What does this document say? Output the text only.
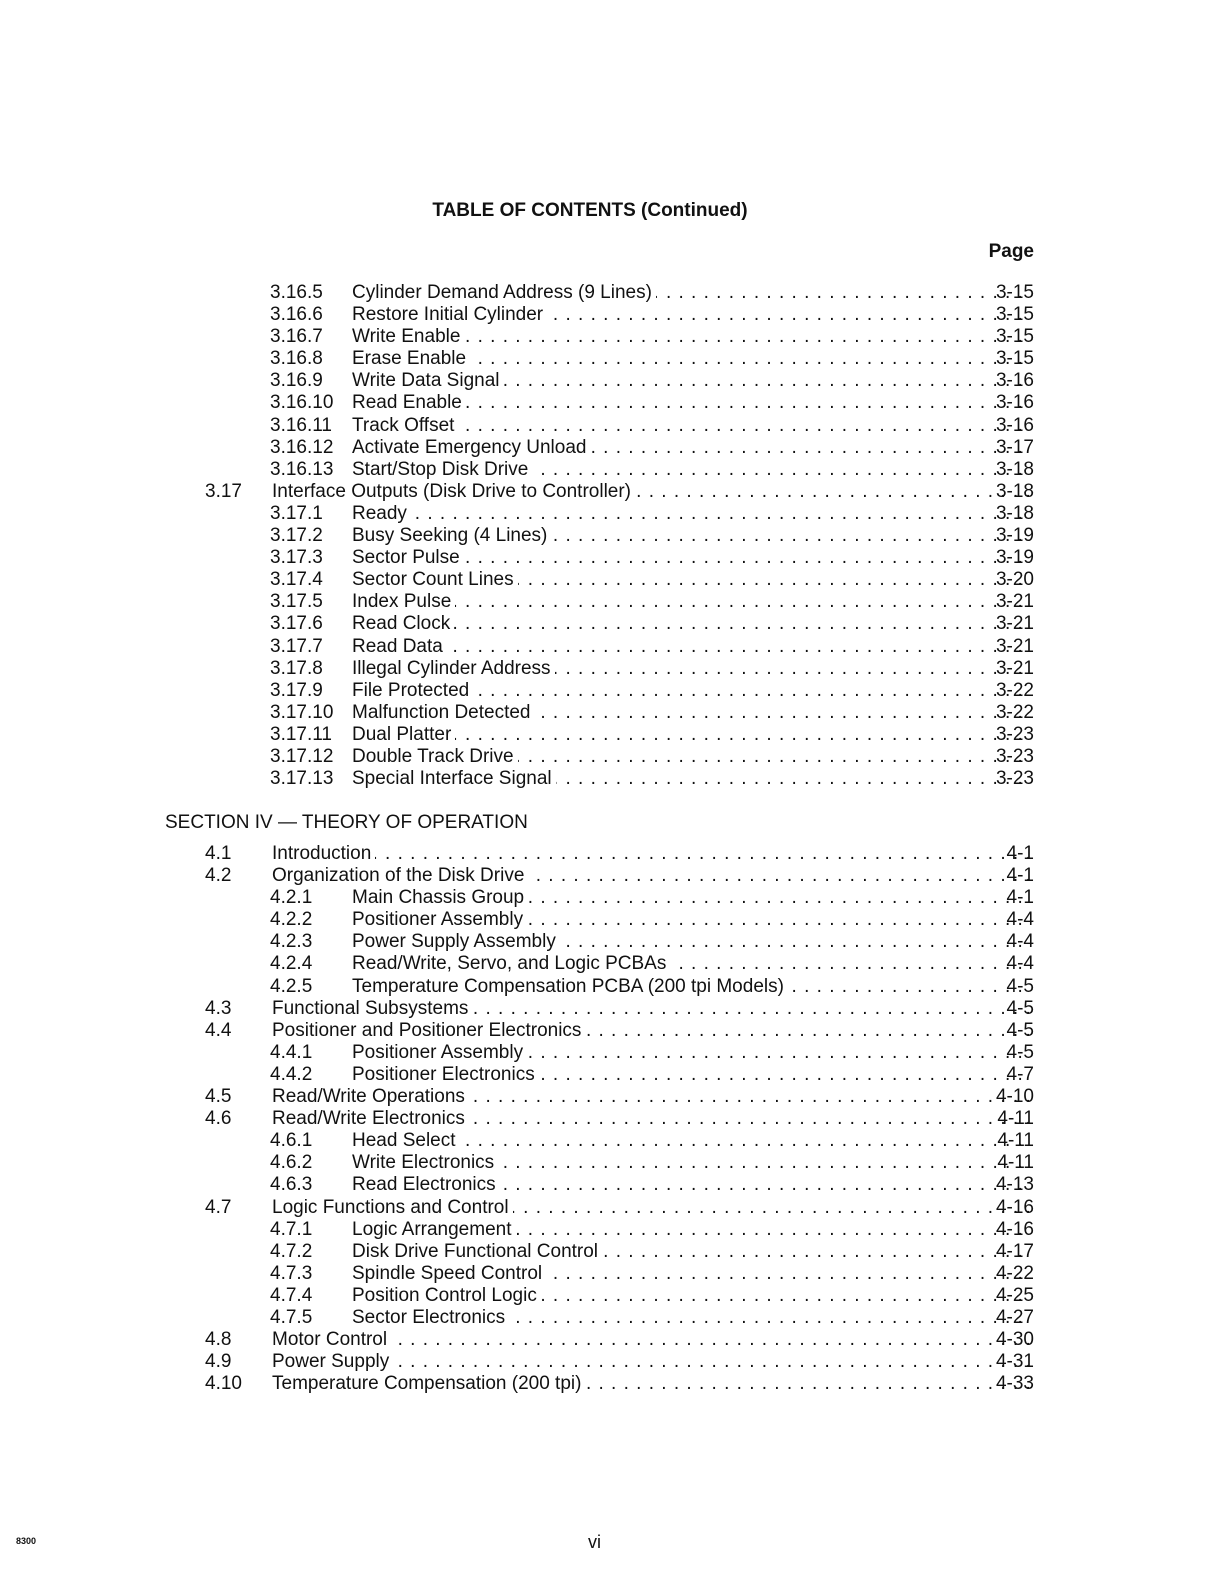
TABLE OF CONTENTS (Continued)
Page
3.16.5 Cylinder Demand Address (9 Lines) . . .	3-15
3.16.6 Restore Initial Cylinder . . .	3-15
3.16.7 Write Enable . . .	3-15
3.16.8 Erase Enable . . .	3-15
3.16.9 Write Data Signal . . .	3-16
3.16.10 Read Enable . . .	3-16
3.16.11 Track Offset . . .	3-16
3.16.12 Activate Emergency Unload . . .	3-17
3.16.13 Start/Stop Disk Drive . . .	3-18
3.17 Interface Outputs (Disk Drive to Controller) . . .	3-18
3.17.1 Ready . . .	3-18
3.17.2 Busy Seeking (4 Lines) . . .	3-19
3.17.3 Sector Pulse . . .	3-19
3.17.4 Sector Count Lines . . .	3-20
3.17.5 Index Pulse . . .	3-21
3.17.6 Read Clock . . .	3-21
3.17.7 Read Data . . .	3-21
3.17.8 Illegal Cylinder Address . . .	3-21
3.17.9 File Protected . . .	3-22
3.17.10 Malfunction Detected . . .	3-22
3.17.11 Dual Platter . . .	3-23
3.17.12 Double Track Drive . . .	3-23
3.17.13 Special Interface Signal . . .	3-23
SECTION IV — THEORY OF OPERATION
4.1 Introduction . . .	4-1
4.2 Organization of the Disk Drive . . .	4-1
4.2.1 Main Chassis Group . . .	4-1
4.2.2 Positioner Assembly . . .	4-4
4.2.3 Power Supply Assembly . . .	4-4
4.2.4 Read/Write, Servo, and Logic PCBAs . . .	4-4
4.2.5 Temperature Compensation PCBA (200 tpi Models) . . .	4-5
4.3 Functional Subsystems . . .	4-5
4.4 Positioner and Positioner Electronics . . .	4-5
4.4.1 Positioner Assembly . . .	4-5
4.4.2 Positioner Electronics . . .	4-7
4.5 Read/Write Operations . . .	4-10
4.6 Read/Write Electronics . . .	4-11
4.6.1 Head Select . . .	4-11
4.6.2 Write Electronics . . .	4-11
4.6.3 Read Electronics . . .	4-13
4.7 Logic Functions and Control . . .	4-16
4.7.1 Logic Arrangement . . .	4-16
4.7.2 Disk Drive Functional Control . . .	4-17
4.7.3 Spindle Speed Control . . .	4-22
4.7.4 Position Control Logic . . .	4-25
4.7.5 Sector Electronics . . .	4-27
4.8 Motor Control . . .	4-30
4.9 Power Supply . . .	4-31
4.10 Temperature Compensation (200 tpi) . . .	4-33
8300	vi
